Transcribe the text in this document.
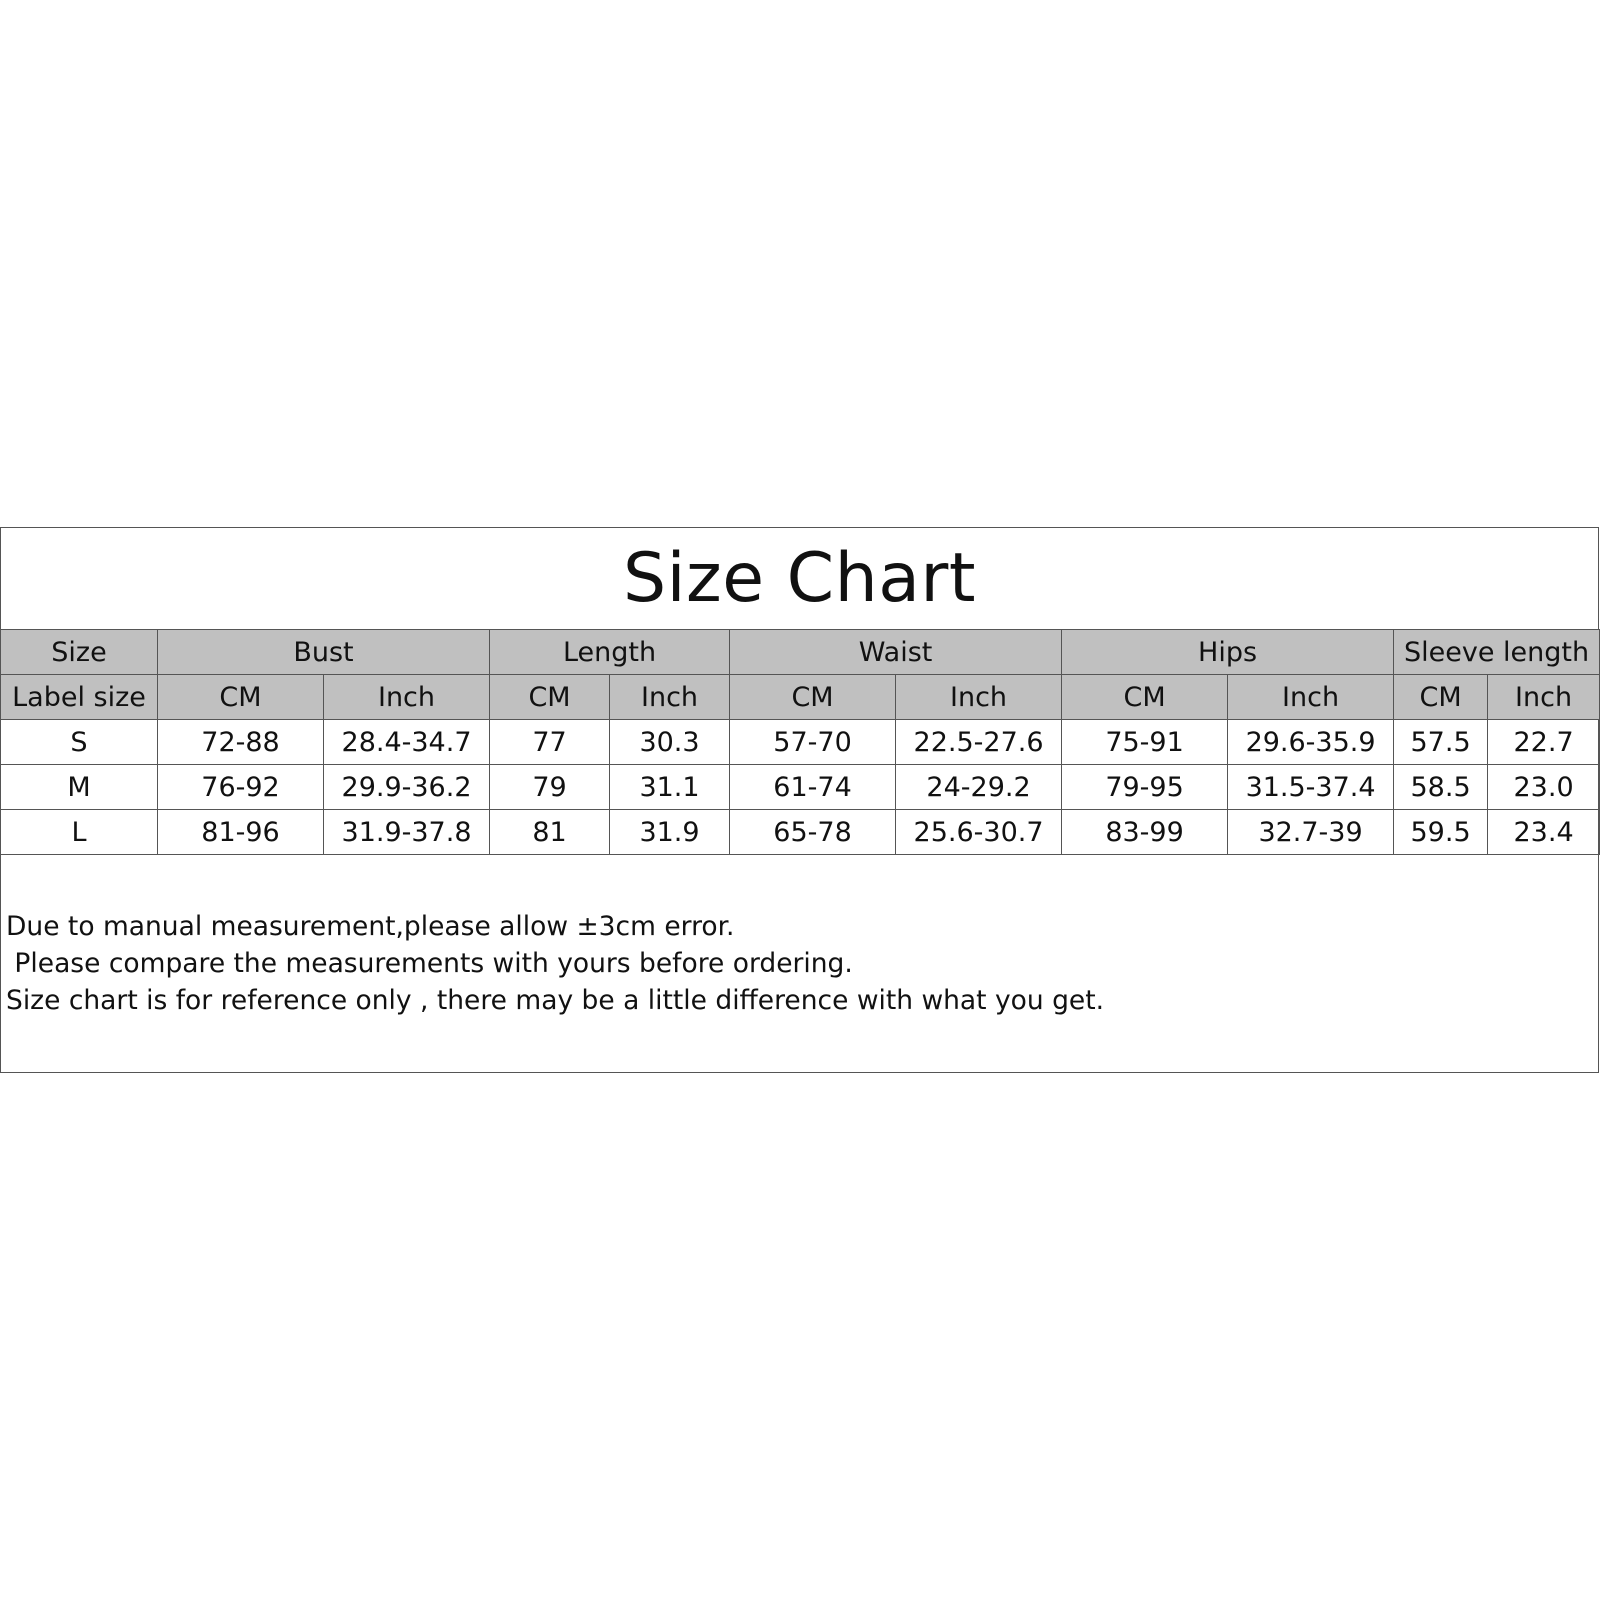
Size Chart
Size	Bust		Length		Waist		Hips		Sleeve length	
Label size	CM	Inch	CM	Inch	CM	Inch	CM	Inch	CM	Inch
S	72-88	28.4-34.7	77	30.3	57-70	22.5-27.6	75-91	29.6-35.9	57.5	22.7
M	76-92	29.9-36.2	79	31.1	61-74	24-29.2	79-95	31.5-37.4	58.5	23.0
L	81-96	31.9-37.8	81	31.9	65-78	25.6-30.7	83-99	32.7-39	59.5	23.4
Due to manual measurement,please allow ±3cm error.
Please compare the measurements with yours before ordering.
Size chart is for reference only , there may be a little difference with what you get.
